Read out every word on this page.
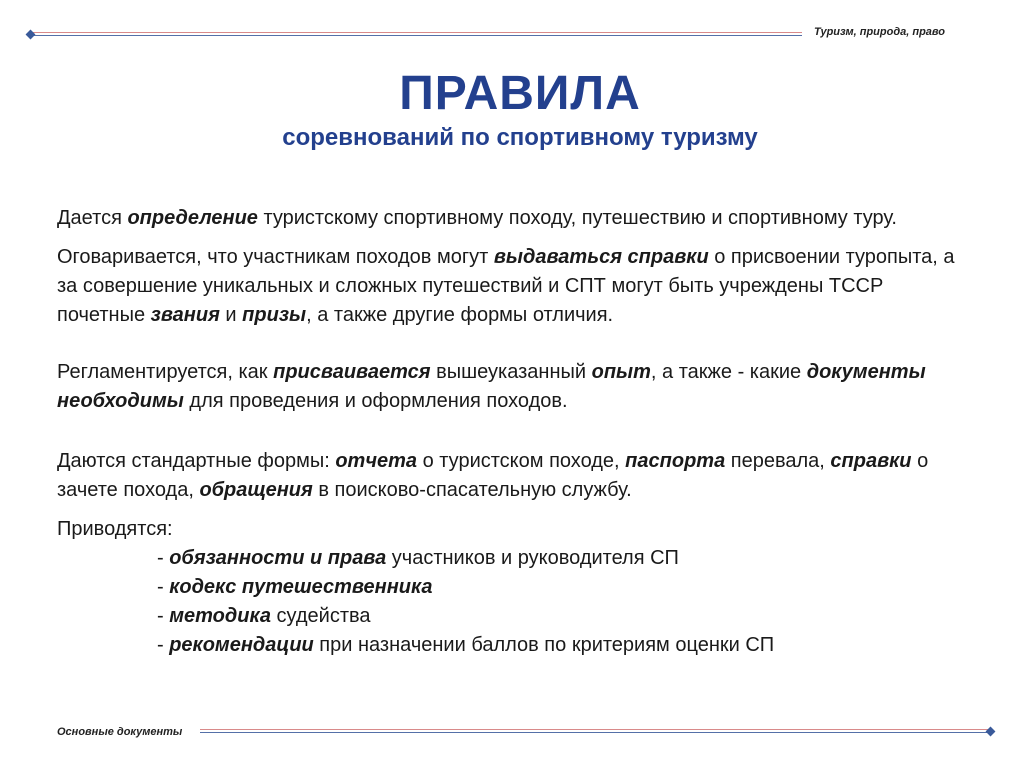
Туризм, природа, право
ПРАВИЛА
соревнований по спортивному туризму

Дается определение туристскому спортивному походу, путешествию и спортивному туру.

Оговаривается, что участникам походов могут выдаваться справки о присвоении туропыта, а за совершение уникальных и сложных путешествий и СПТ могут быть учреждены ТССР почетные звания и призы, а также другие формы отличия.

Регламентируется, как присваивается вышеуказанный опыт, а также - какие документы необходимы для проведения и оформления походов.

Даются стандартные формы: отчета о туристском походе, паспорта перевала, справки о зачете похода, обращения в поисково-спасательную службу.

Приводятся:

- обязанности и права участников и руководителя СП
- кодекс путешественника
- методика судейства
- рекомендации при назначении баллов по критериям оценки СП
Основные документы
